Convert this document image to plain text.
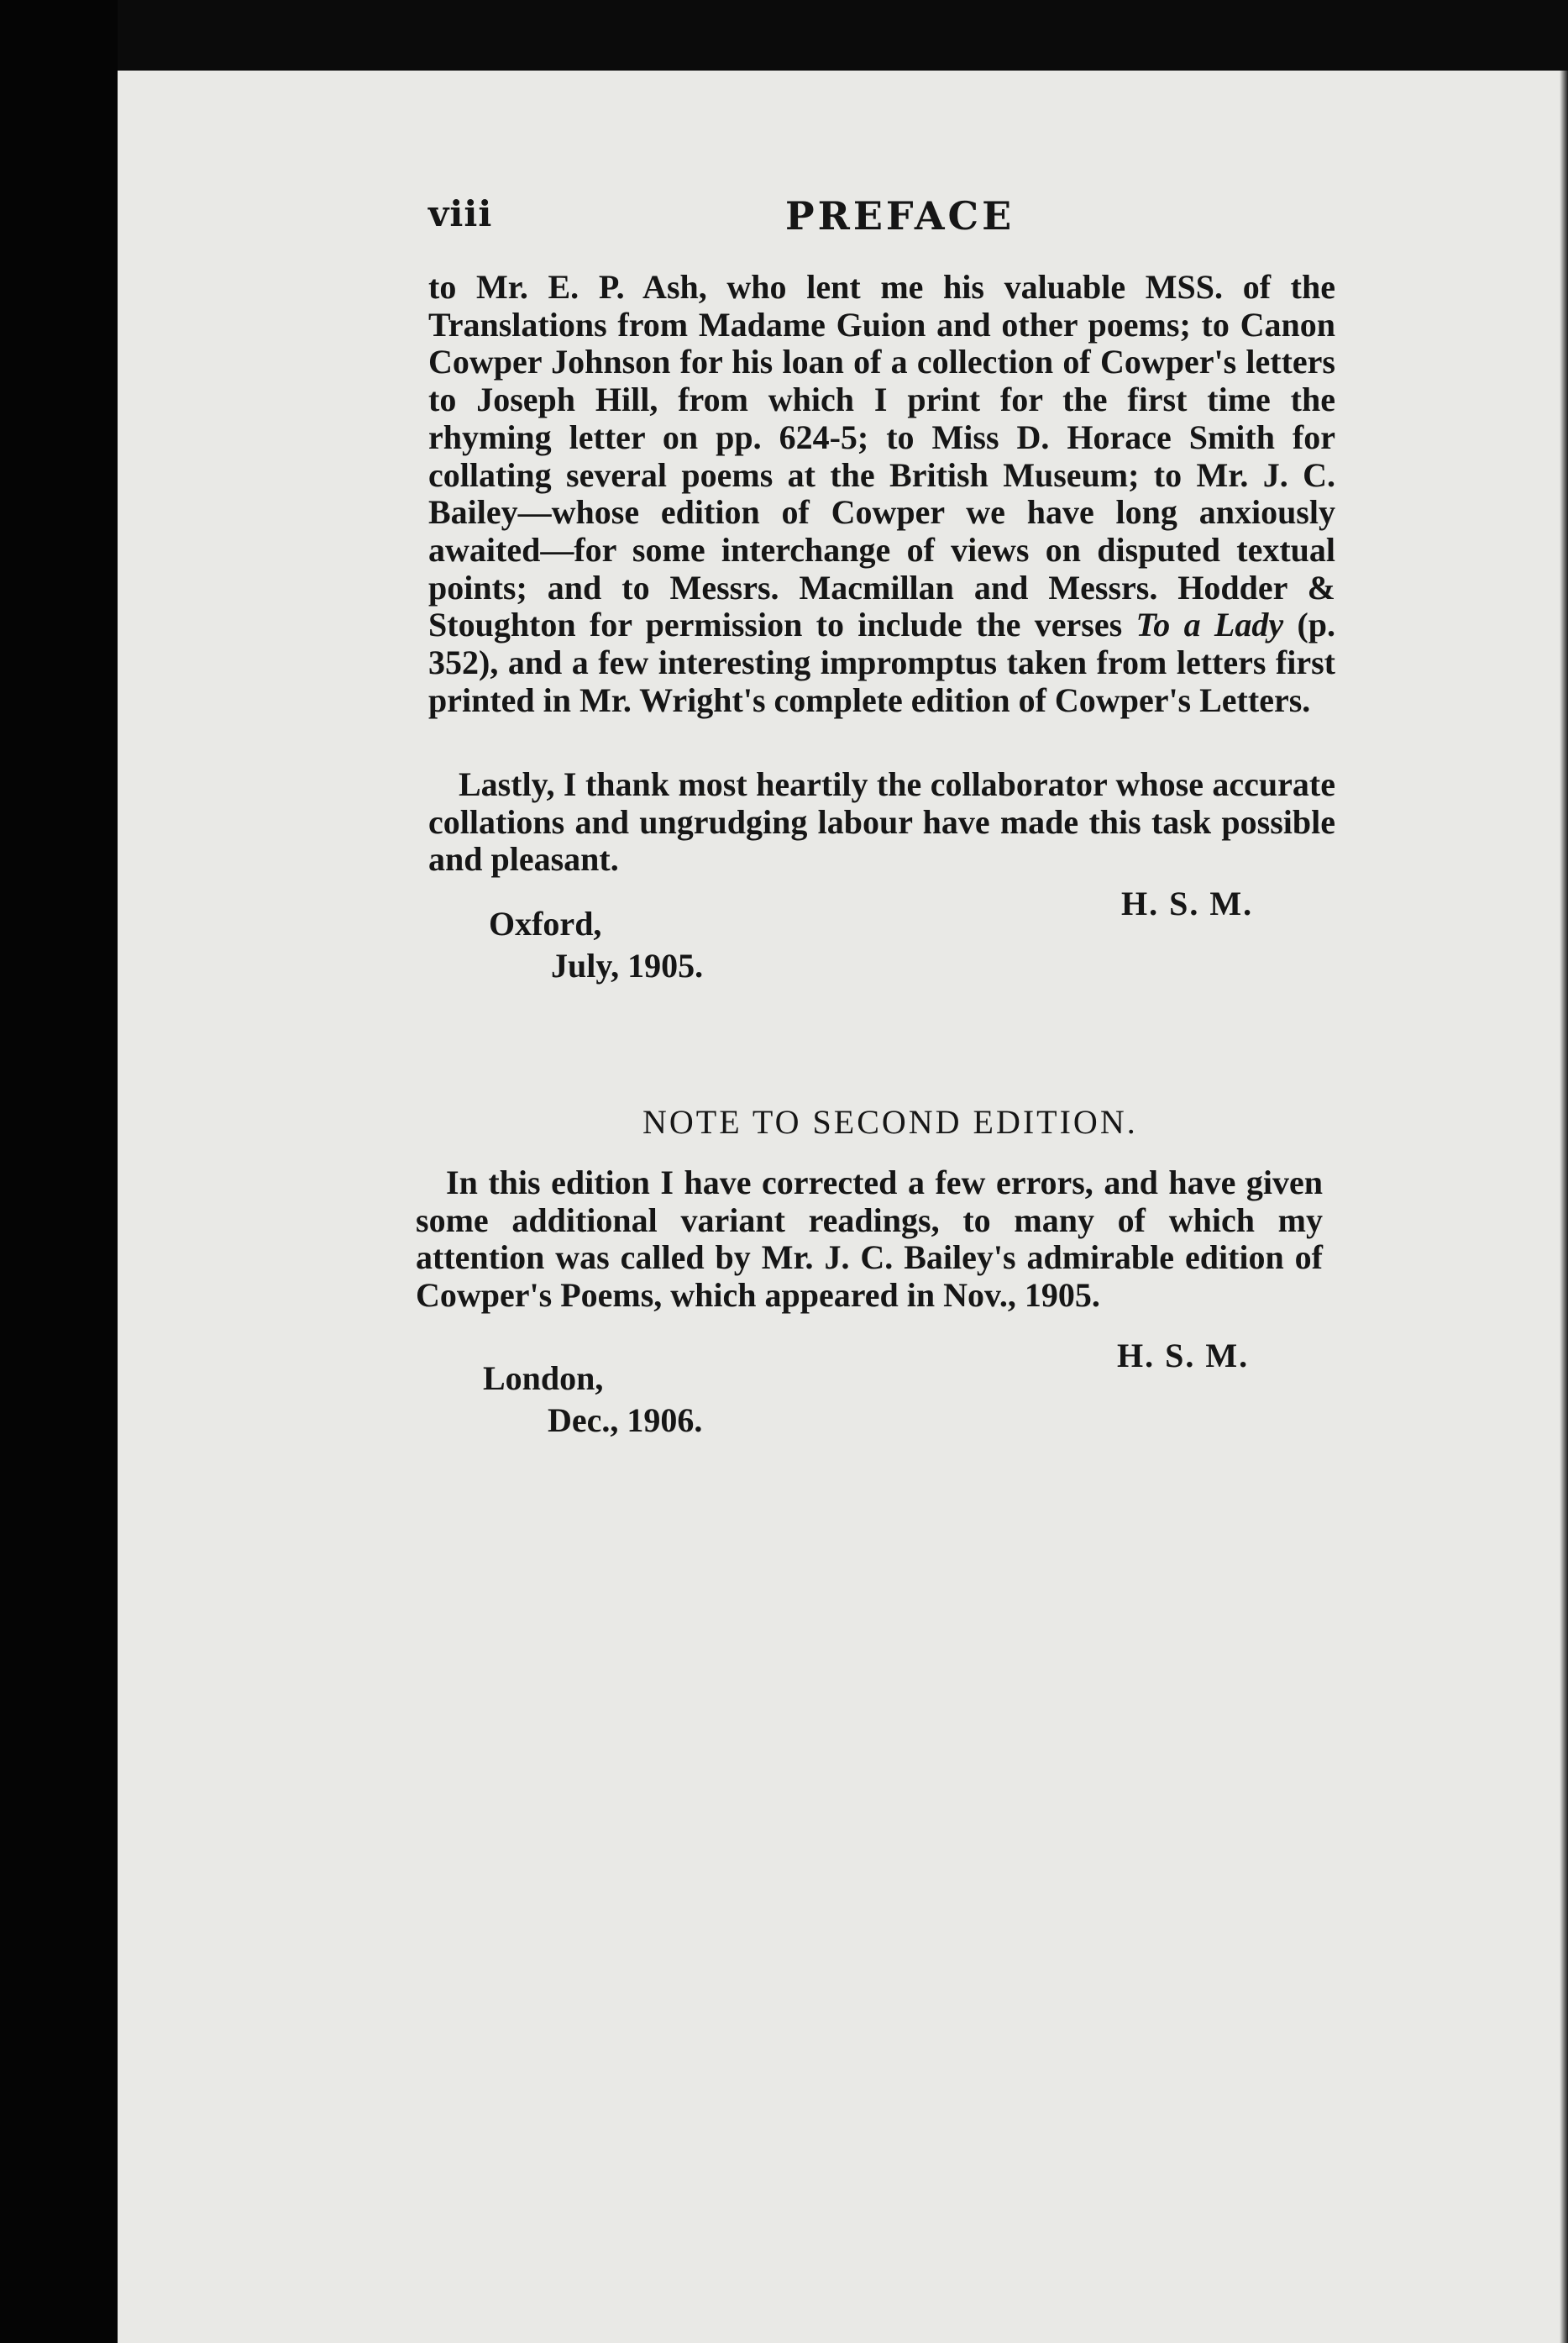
viii	PREFACE
to Mr. E. P. Ash, who lent me his valuable MSS. of the Translations from Madame Guion and other poems; to Canon Cowper Johnson for his loan of a collection of Cowper's letters to Joseph Hill, from which I print for the first time the rhyming letter on pp. 624-5; to Miss D. Horace Smith for collating several poems at the British Museum; to Mr. J. C. Bailey—whose edition of Cowper we have long anxiously awaited—for some interchange of views on disputed textual points; and to Messrs. Macmillan and Messrs. Hodder & Stoughton for permission to include the verses To a Lady (p. 352), and a few interesting impromptus taken from letters first printed in Mr. Wright's complete edition of Cowper's Letters.
Lastly, I thank most heartily the collaborator whose accurate collations and ungrudging labour have made this task possible and pleasant.
H. S. M.
Oxford,
July, 1905.
NOTE TO SECOND EDITION.
In this edition I have corrected a few errors, and have given some additional variant readings, to many of which my attention was called by Mr. J. C. Bailey's admirable edition of Cowper's Poems, which appeared in Nov., 1905.
H. S. M.
London,
Dec., 1906.
